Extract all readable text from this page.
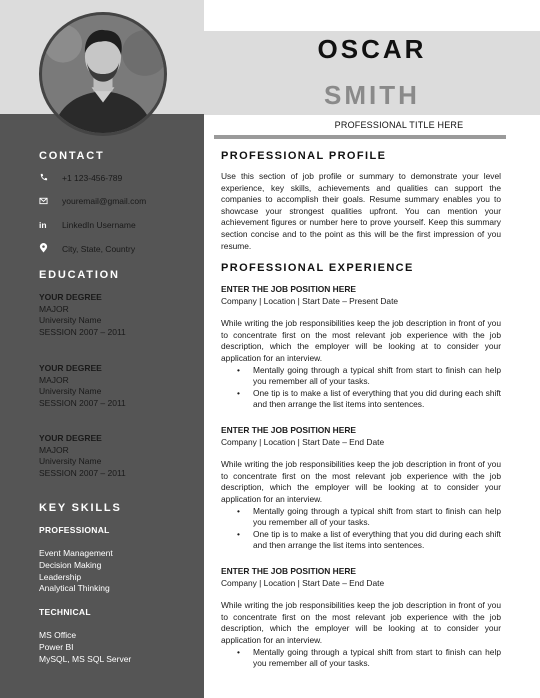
OSCAR
SMITH
PROFESSIONAL TITLE HERE
CONTACT
+1 123-456-789
youremail@gmail.com
in	LinkedIn Username
City, State, Country
EDUCATION
YOUR DEGREE
MAJOR
University Name
SESSION 2007 – 2011
YOUR DEGREE
MAJOR
University Name
SESSION 2007 – 2011
YOUR DEGREE
MAJOR
University Name
SESSION 2007 – 2011
KEY SKILLS
PROFESSIONAL
Event Management
Decision Making
Leadership
Analytical Thinking
TECHNICAL
MS Office
Power BI
MySQL, MS SQL Server
PROFESSIONAL PROFILE
Use this section of job profile or summary to demonstrate your level experience, key skills, achievements and qualities can support the companies to accomplish their goals. Resume summary enables you to showcase your strongest qualities upfront. You can mention your achievement figures or number here to prove yourself. Keep this summary section concise and to the point as this will be the first impression of you resume.
PROFESSIONAL EXPERIENCE
ENTER THE JOB POSITION HERE
Company | Location | Start Date – Present Date
While writing the job responsibilities keep the job description in front of you to concentrate first on the most relevant job experience with the job description, which the employer will be looking at to consider your application for an interview.
• Mentally going through a typical shift from start to finish can help you remember all of your tasks.
• One tip is to make a list of everything that you did during each shift and then arrange the list items into sentences.
ENTER THE JOB POSITION HERE
Company | Location | Start Date – End Date
While writing the job responsibilities keep the job description in front of you to concentrate first on the most relevant job experience with the job description, which the employer will be looking at to consider your application for an interview.
• Mentally going through a typical shift from start to finish can help you remember all of your tasks.
• One tip is to make a list of everything that you did during each shift and then arrange the list items into sentences.
ENTER THE JOB POSITION HERE
Company | Location | Start Date – End Date
While writing the job responsibilities keep the job description in front of you to concentrate first on the most relevant job experience with the job description, which the employer will be looking at to consider your application for an interview.
• Mentally going through a typical shift from start to finish can help you remember all of your tasks.
